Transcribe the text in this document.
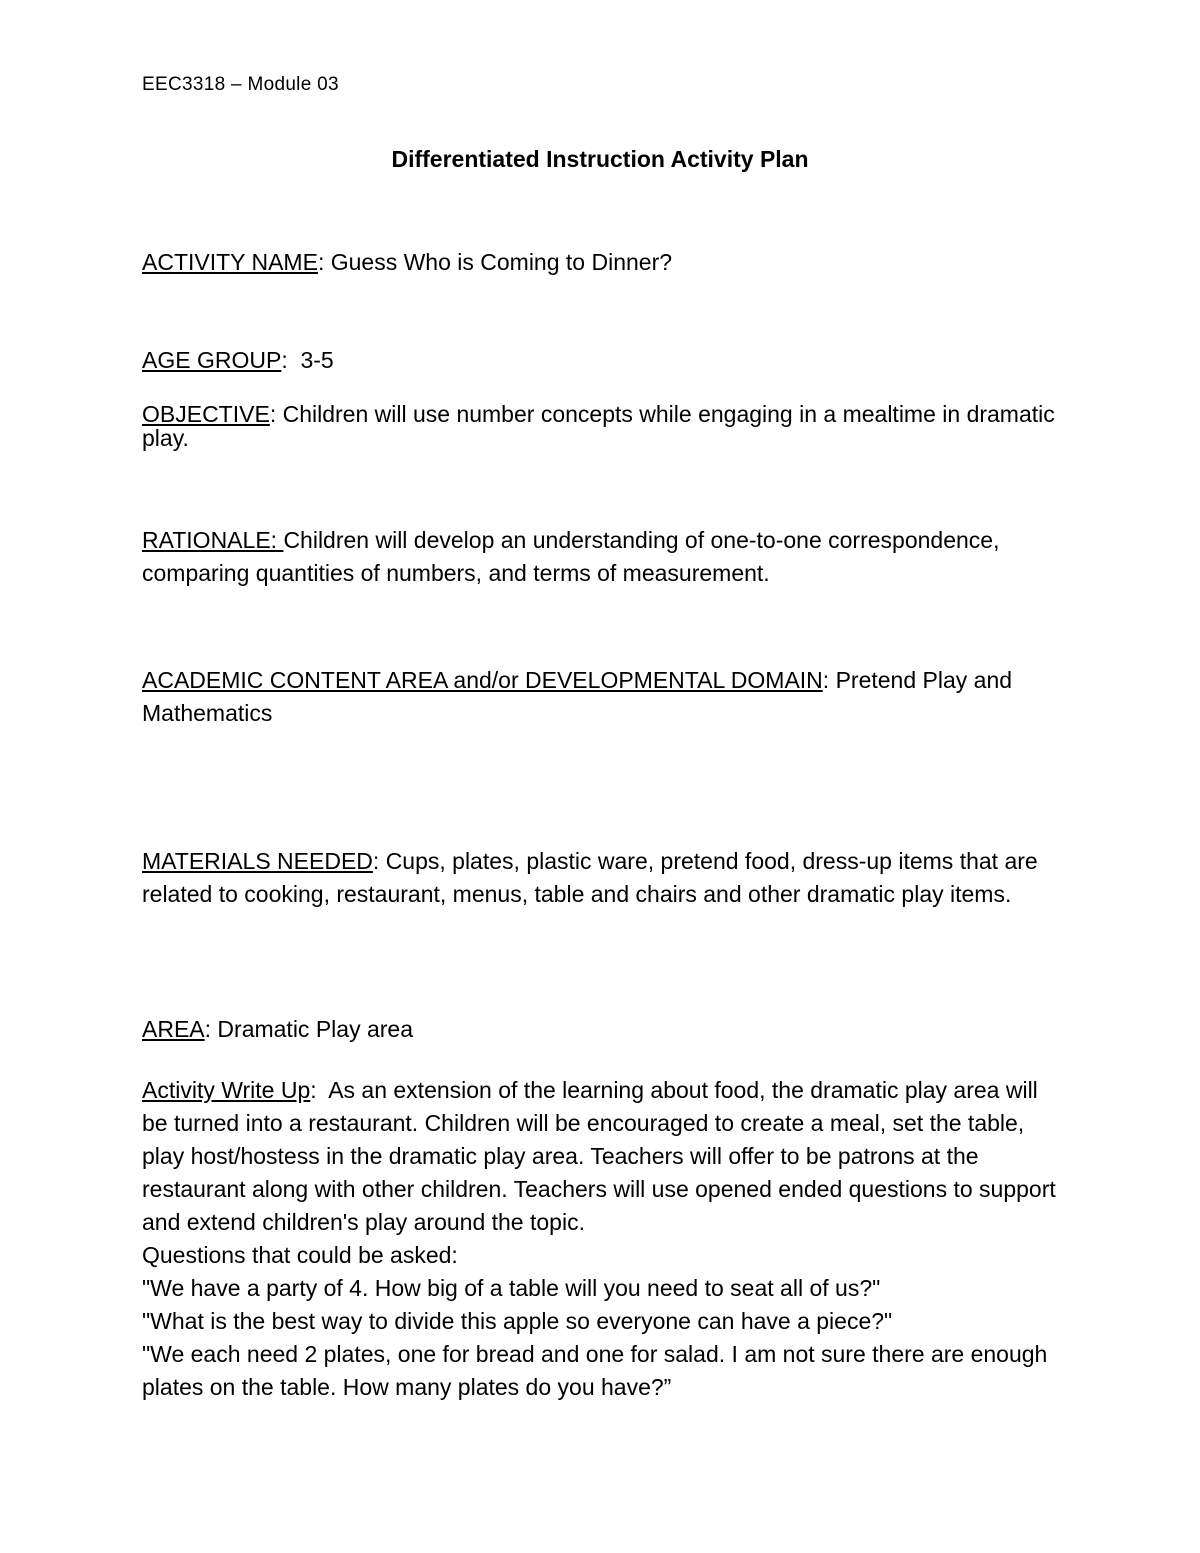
EEC3318 – Module 03
Differentiated Instruction Activity Plan
ACTIVITY NAME: Guess Who is Coming to Dinner?
AGE GROUP:  3-5
OBJECTIVE: Children will use number concepts while engaging in a mealtime in dramatic play.
RATIONALE: Children will develop an understanding of one-to-one correspondence, comparing quantities of numbers, and terms of measurement.
ACADEMIC CONTENT AREA and/or DEVELOPMENTAL DOMAIN: Pretend Play and Mathematics
MATERIALS NEEDED: Cups, plates, plastic ware, pretend food, dress-up items that are related to cooking, restaurant, menus, table and chairs and other dramatic play items.
AREA: Dramatic Play area

Activity Write Up:  As an extension of the learning about food, the dramatic play area will be turned into a restaurant. Children will be encouraged to create a meal, set the table, play host/hostess in the dramatic play area. Teachers will offer to be patrons at the restaurant along with other children. Teachers will use opened ended questions to support and extend children's play around the topic.

Questions that could be asked:

"We have a party of 4. How big of a table will you need to seat all of us?"

"What is the best way to divide this apple so everyone can have a piece?"

"We each need 2 plates, one for bread and one for salad. I am not sure there are enough plates on the table. How many plates do you have?”
